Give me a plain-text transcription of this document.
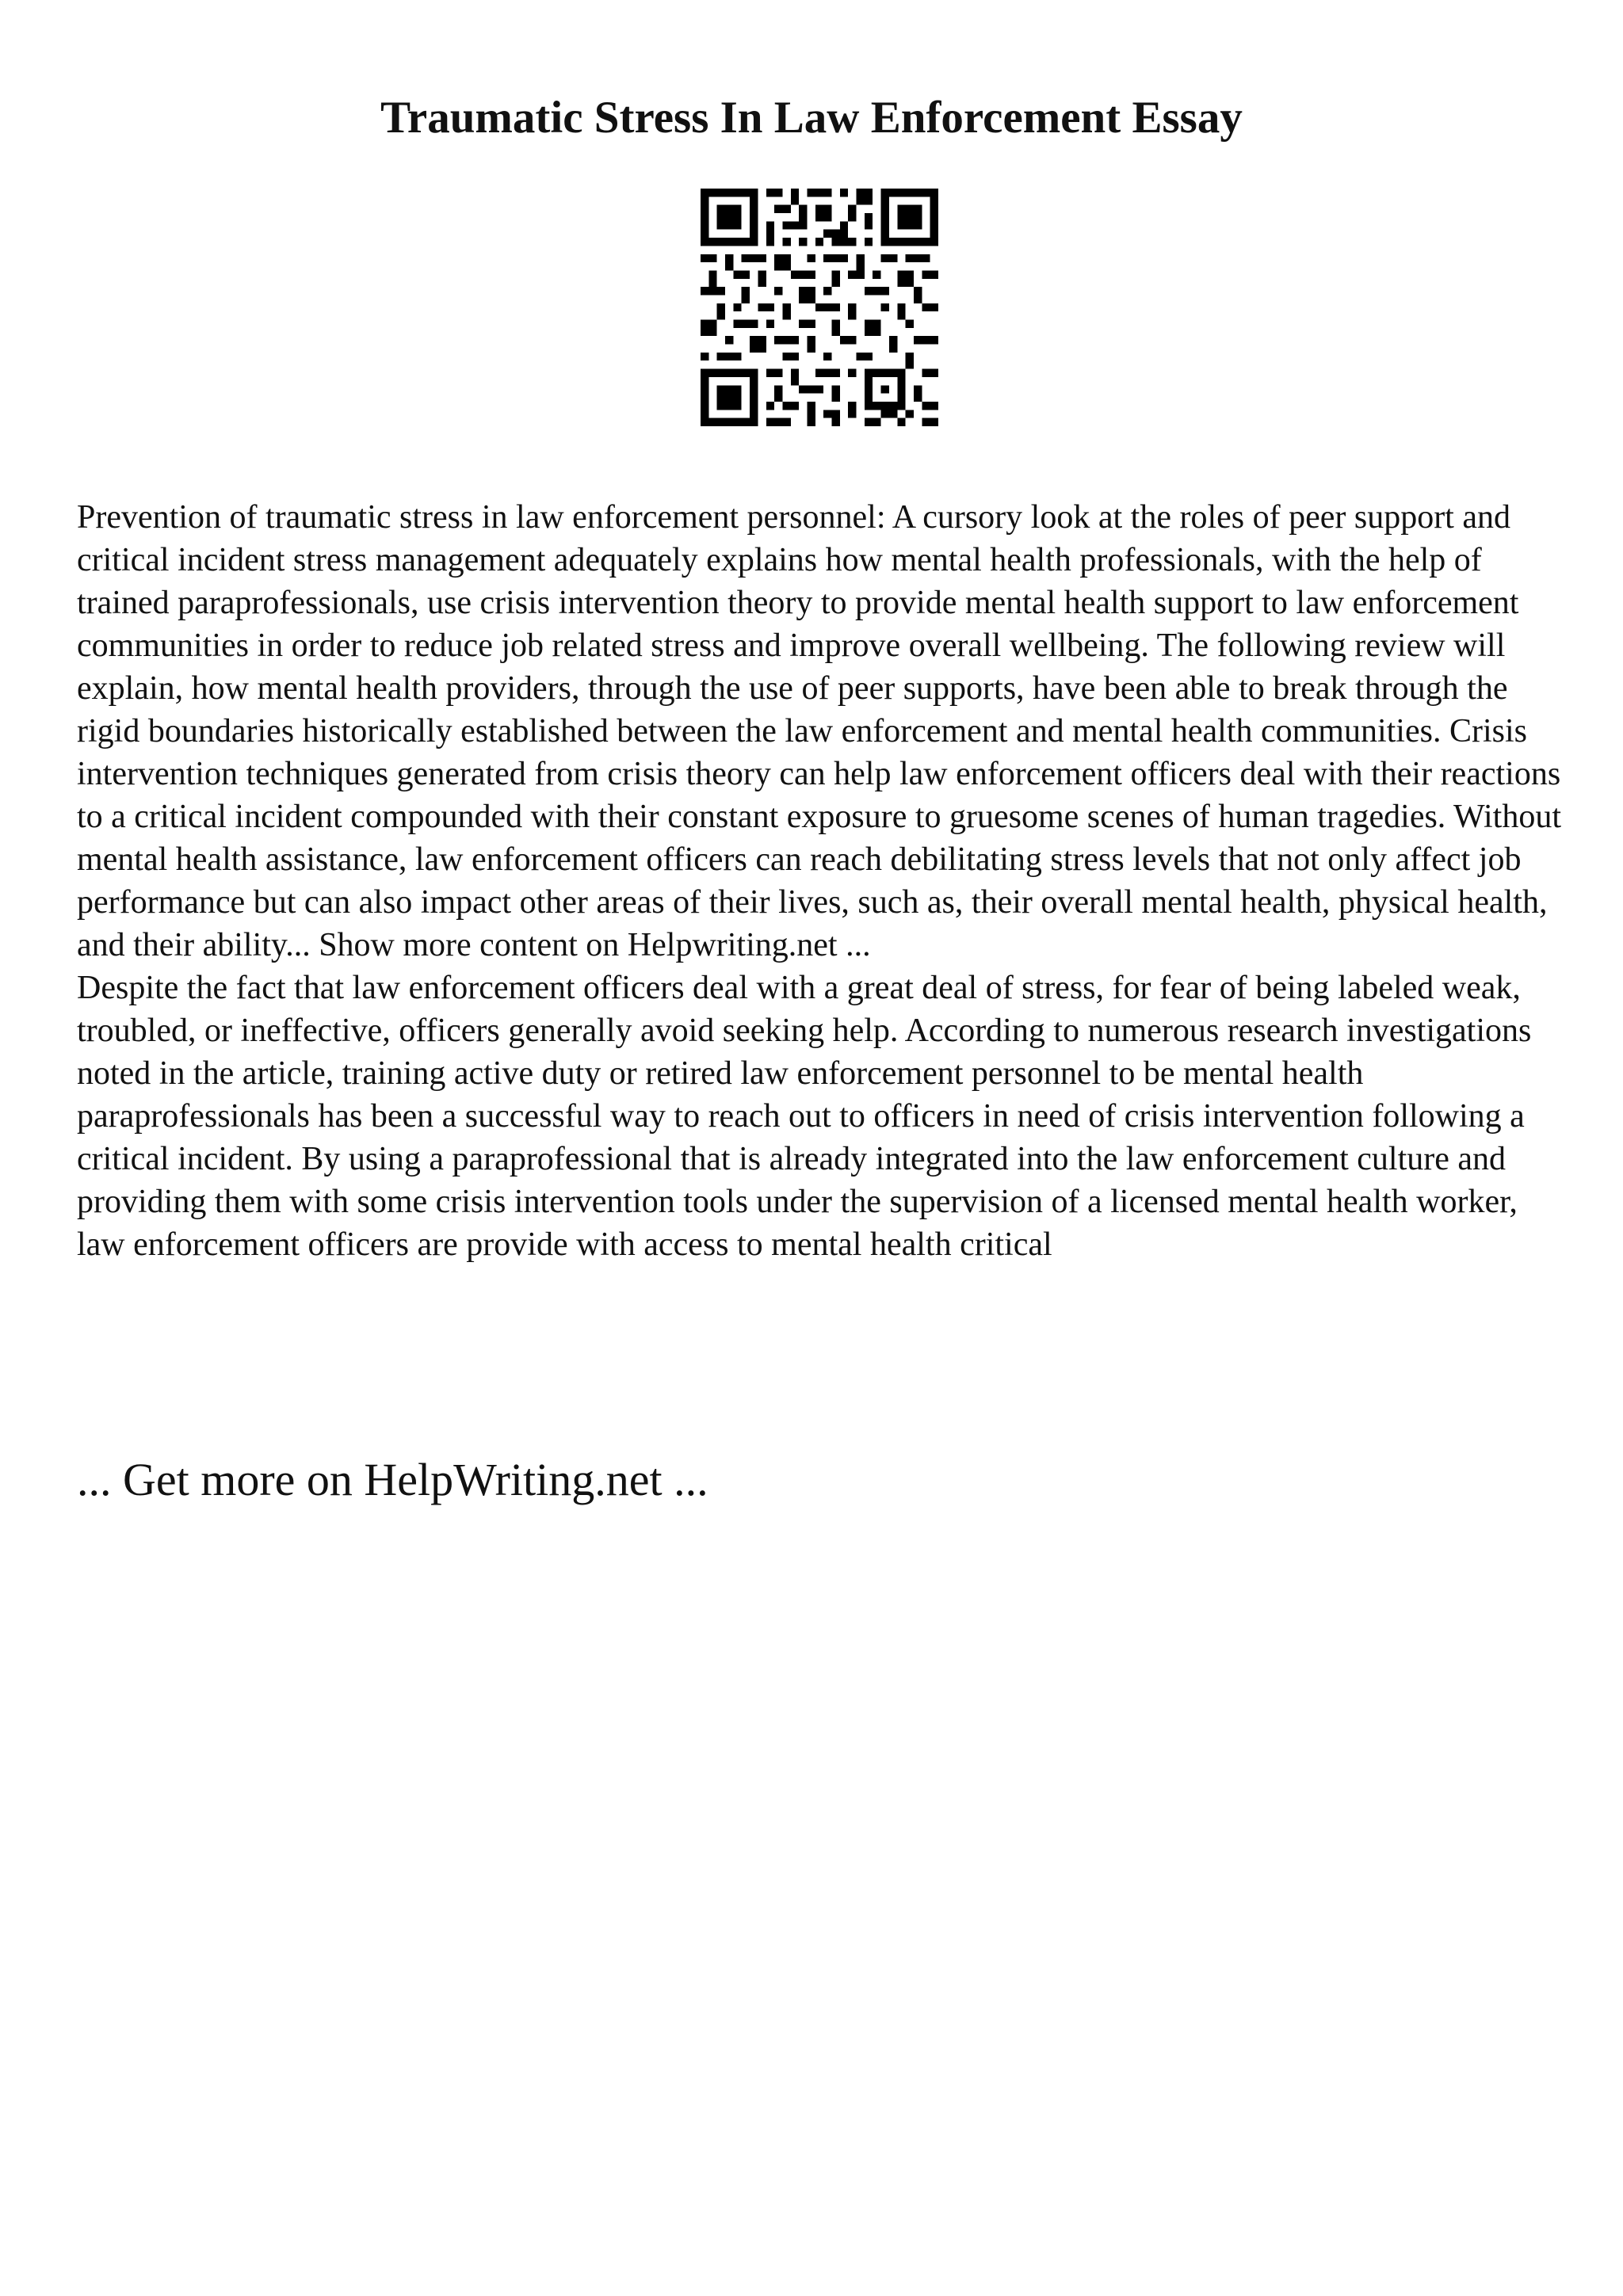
Traumatic Stress In Law Enforcement Essay

Prevention of traumatic stress in law enforcement personnel: A cursory look at the roles of peer support and critical incident stress management adequately explains how mental health professionals, with the help of trained paraprofessionals, use crisis intervention theory to provide mental health support to law enforcement communities in order to reduce job related stress and improve overall wellbeing. The following review will explain, how mental health providers, through the use of peer supports, have been able to break through the rigid boundaries historically established between the law enforcement and mental health communities. Crisis intervention techniques generated from crisis theory can help law enforcement officers deal with their reactions to a critical incident compounded with their constant exposure to gruesome scenes of human tragedies. Without mental health assistance, law enforcement officers can reach debilitating stress levels that not only affect job performance but can also impact other areas of their lives, such as, their overall mental health, physical health, and their ability... Show more content on Helpwriting.net ...

Despite the fact that law enforcement officers deal with a great deal of stress, for fear of being labeled weak, troubled, or ineffective, officers generally avoid seeking help. According to numerous research investigations noted in the article, training active duty or retired law enforcement personnel to be mental health paraprofessionals has been a successful way to reach out to officers in need of crisis intervention following a critical incident. By using a paraprofessional that is already integrated into the law enforcement culture and providing them with some crisis intervention tools under the supervision of a licensed mental health worker, law enforcement officers are provide with access to mental health critical

... Get more on HelpWriting.net ...
